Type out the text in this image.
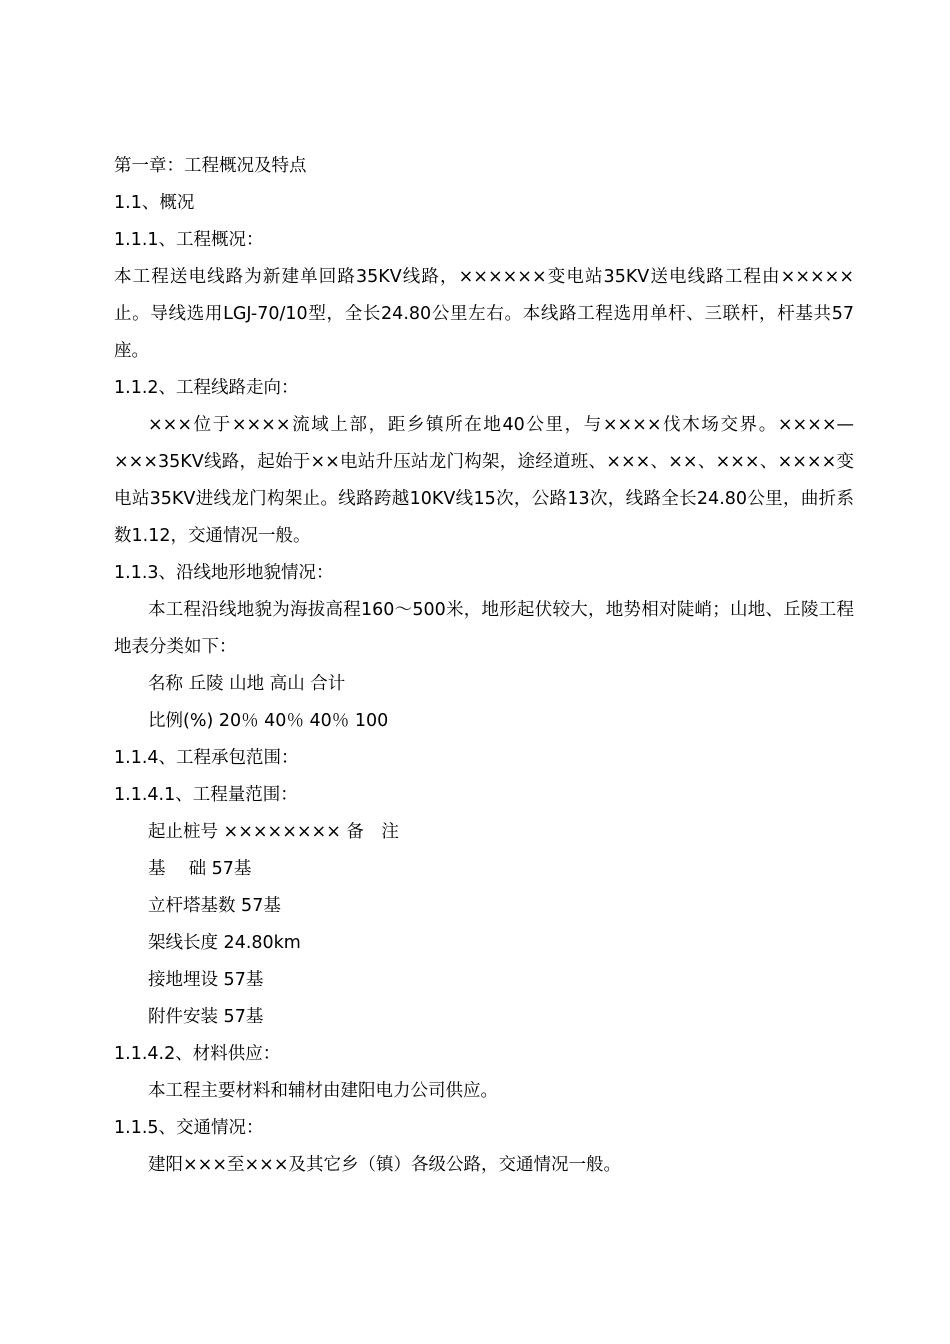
第一章：工程概况及特点

1.1、概况

1.1.1、工程概况：

本工程送电线路为新建单回路35KV线路，××××××变电站35KV送电线路工程由×××××止。导线选用LGJ-70/10型，全长24.80公里左右。本线路工程选用单杆、三联杆，杆基共57座。

1.1.2、工程线路走向：

×××位于××××流域上部，距乡镇所在地40公里，与××××伐木场交界。××××—×××35KV线路，起始于××电站升压站龙门构架，途经道班、×××、××、×××、××××变电站35KV进线龙门构架止。线路跨越10KV线15次，公路13次，线路全长24.80公里，曲折系数1.12，交通情况一般。

1.1.3、沿线地形地貌情况：

本工程沿线地貌为海拔高程160～500米，地形起伏较大，地势相对陡峭；山地、丘陵工程地表分类如下：

名称 丘陵 山地 高山 合计

比例(%) 20％ 40％ 40％ 100

1.1.4、工程承包范围：

1.1.4.1、工程量范围：

起止桩号 ×××××××× 备　注

基　 础 57基

立杆塔基数 57基

架线长度 24.80km

接地埋设 57基

附件安装 57基

1.1.4.2、材料供应：

本工程主要材料和辅材由建阳电力公司供应。

1.1.5、交通情况：

建阳×××至×××及其它乡（镇）各级公路，交通情况一般。
